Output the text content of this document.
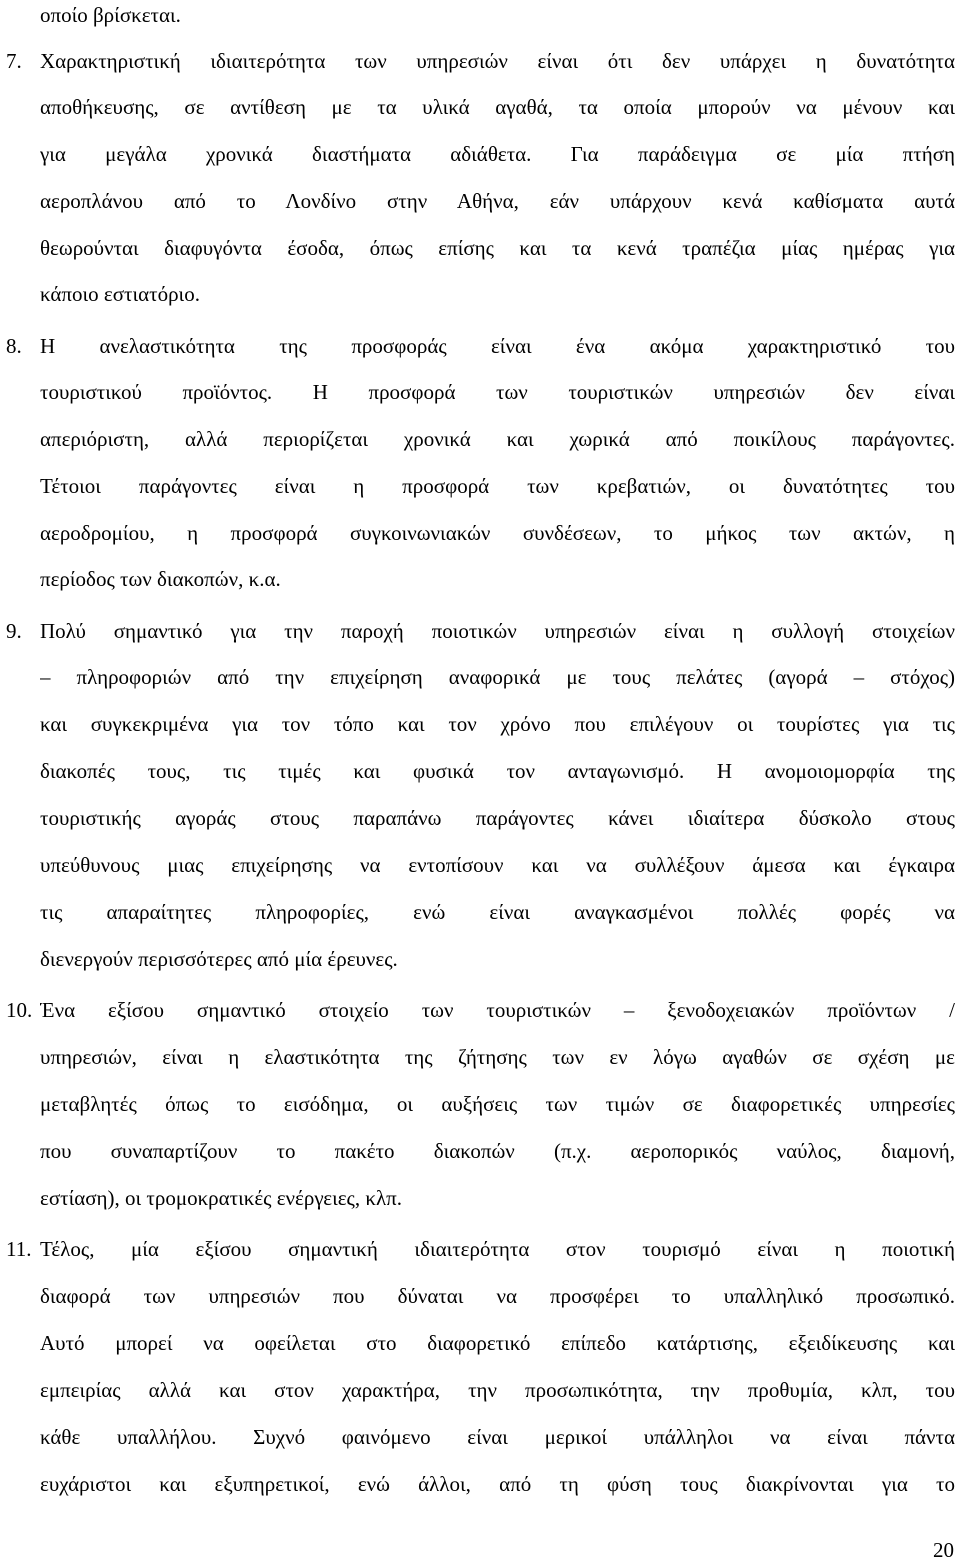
οποίο βρίσκεται.
7. Χαρακτηριστική ιδιαιτερότητα των υπηρεσιών είναι ότι δεν υπάρχει η δυνατότητα
αποθήκευσης, σε αντίθεση με τα υλικά αγαθά, τα οποία μπορούν να μένουν και
για μεγάλα χρονικά διαστήματα αδιάθετα. Για παράδειγμα σε μία πτήση
αεροπλάνου από το Λονδίνο στην Αθήνα, εάν υπάρχουν κενά καθίσματα αυτά
θεωρούνται διαφυγόντα έσοδα, όπως επίσης και τα κενά τραπέζια μίας ημέρας για
κάποιο εστιατόριο.
8. Η ανελαστικότητα της προσφοράς είναι ένα ακόμα χαρακτηριστικό του
τουριστικού προϊόντος. Η προσφορά των τουριστικών υπηρεσιών δεν είναι
απεριόριστη, αλλά περιορίζεται χρονικά και χωρικά από ποικίλους παράγοντες.
Τέτοιοι παράγοντες είναι η προσφορά των κρεβατιών, οι δυνατότητες του
αεροδρομίου, η προσφορά συγκοινωνιακών συνδέσεων, το μήκος των ακτών, η
περίοδος των διακοπών, κ.α.
9. Πολύ σημαντικό για την παροχή ποιοτικών υπηρεσιών είναι η συλλογή στοιχείων
– πληροφοριών από την επιχείρηση αναφορικά με τους πελάτες (αγορά – στόχος)
και συγκεκριμένα για τον τόπο και τον χρόνο που επιλέγουν οι τουρίστες για τις
διακοπές τους, τις τιμές και φυσικά τον ανταγωνισμό. Η ανομοιομορφία της
τουριστικής αγοράς στους παραπάνω παράγοντες κάνει ιδιαίτερα δύσκολο στους
υπεύθυνους μιας επιχείρησης να εντοπίσουν και να συλλέξουν άμεσα και έγκαιρα
τις απαραίτητες πληροφορίες, ενώ είναι αναγκασμένοι πολλές φορές να
διενεργούν περισσότερες από μία έρευνες.
10. Ένα εξίσου σημαντικό στοιχείο των τουριστικών – ξενοδοχειακών προϊόντων /
υπηρεσιών, είναι η ελαστικότητα της ζήτησης των εν λόγω αγαθών σε σχέση με
μεταβλητές όπως το εισόδημα, οι αυξήσεις των τιμών σε διαφορετικές υπηρεσίες
που συναπαρτίζουν το πακέτο διακοπών (π.χ. αεροπορικός ναύλος, διαμονή,
εστίαση), οι τρομοκρατικές ενέργειες, κλπ.
11. Τέλος, μία εξίσου σημαντική ιδιαιτερότητα στον τουρισμό είναι η ποιοτική
διαφορά των υπηρεσιών που δύναται να προσφέρει το υπαλληλικό προσωπικό.
Αυτό μπορεί να οφείλεται στο διαφορετικό επίπεδο κατάρτισης, εξειδίκευσης και
εμπειρίας αλλά και στον χαρακτήρα, την προσωπικότητα, την προθυμία, κλπ, του
κάθε υπαλλήλου. Συχνό φαινόμενο είναι μερικοί υπάλληλοι να είναι πάντα
ευχάριστοι και εξυπηρετικοί, ενώ άλλοι, από τη φύση τους διακρίνονται για το
20
